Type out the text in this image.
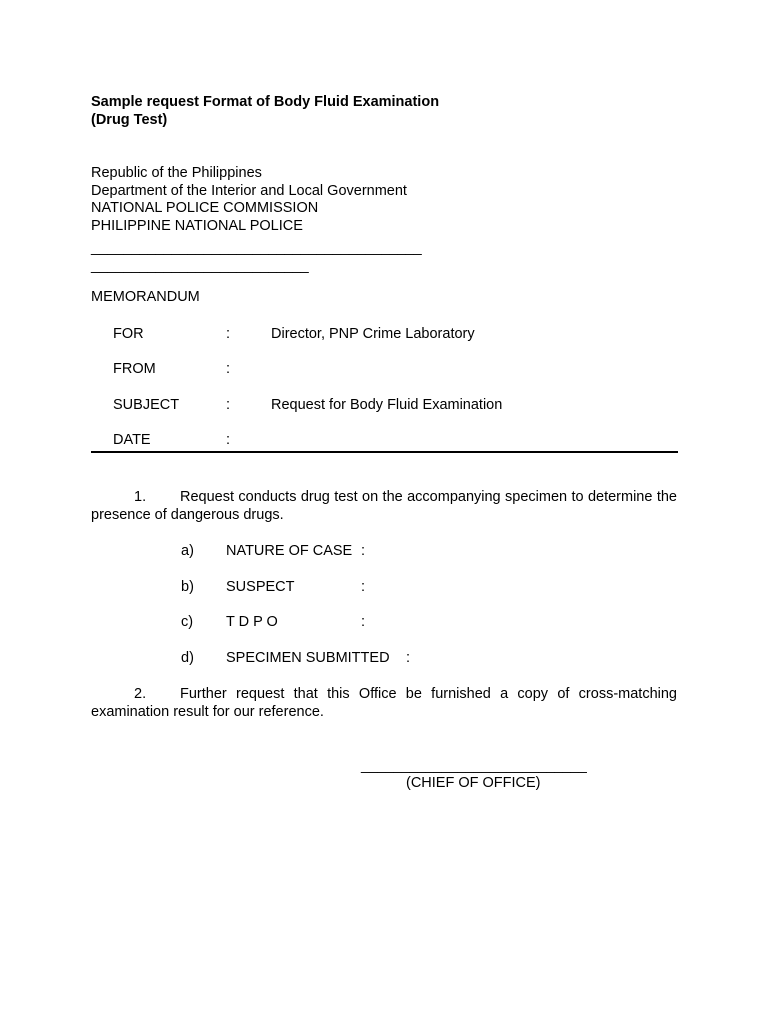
Sample request Format of Body Fluid Examination
(Drug Test)
Republic of the Philippines
Department of the Interior and Local Government
NATIONAL POLICE COMMISSION
PHILIPPINE NATIONAL POLICE
_________________________________________
___________________________
MEMORANDUM
FOR	:	Director, PNP Crime Laboratory
FROM	:
SUBJECT	:	Request for Body Fluid Examination
DATE	:
1. Request conducts drug test on the accompanying specimen to determine the presence of dangerous drugs.
a) NATURE OF CASE :
b) SUSPECT	:
c) T D P O	:
d) SPECIMEN SUBMITTED :
2. Further request that this Office be furnished a copy of cross-matching examination result for our reference.
____________________________
(CHIEF OF OFFICE)
